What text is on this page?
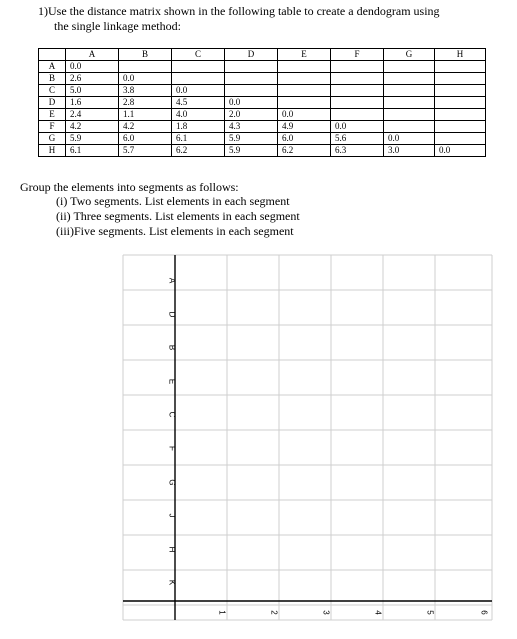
1)Use the distance matrix shown in the following table to create a dendogram using
the single linkage method:

	A	B	C	D	E	F	G	H
A	0.0							
B	2.6	0.0						
C	5.0	3.8	0.0					
D	1.6	2.8	4.5	0.0				
E	2.4	1.1	4.0	2.0	0.0			
F	4.2	4.2	1.8	4.3	4.9	0.0		
G	5.9	6.0	6.1	5.9	6.0	5.6	0.0	
H	6.1	5.7	6.2	5.9	6.2	6.3	3.0	0.0

Group the elements into segments as follows:

(i) Two segments. List elements in each segment
(ii) Three segments. List elements in each segment
(iii)Five segments. List elements in each segment
A
D
B
E
C
F
G
J
H
K
1	2	3	4	5	6
